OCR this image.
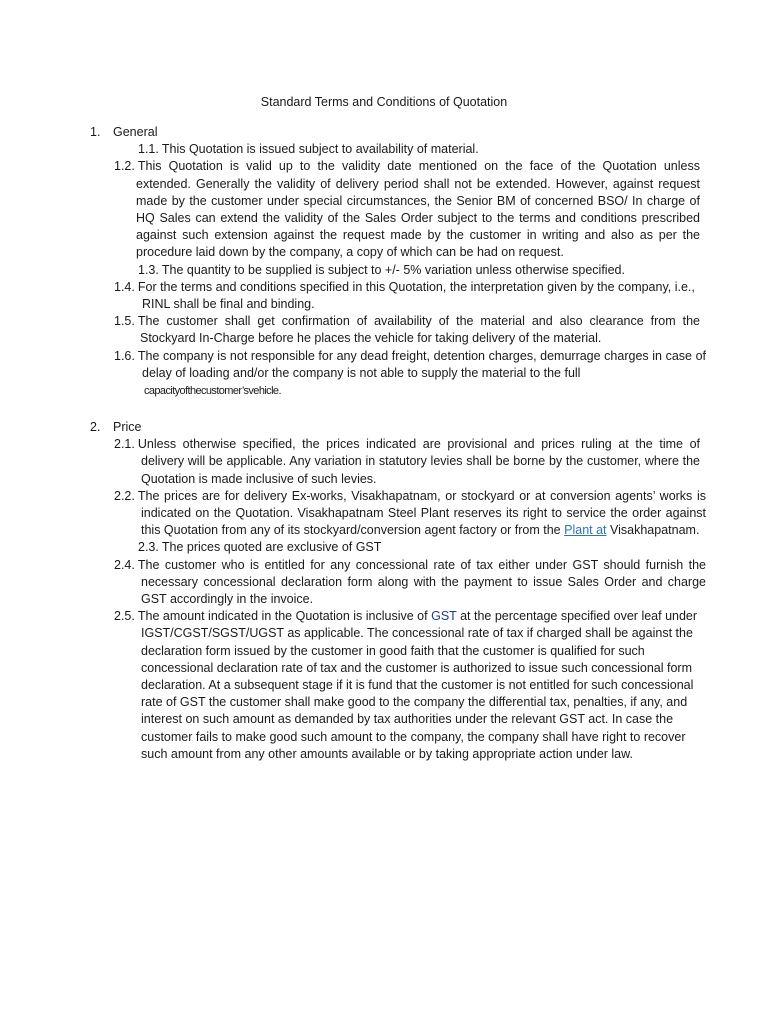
Standard Terms and Conditions of Quotation
1.	General
1.1. This Quotation is issued subject to availability of material.
1.2. This Quotation is valid up to the validity date mentioned on the face of the Quotation unless extended. Generally the validity of delivery period shall not be extended. However, against request made by the customer under special circumstances, the Senior BM of concerned BSO/ In charge of HQ Sales can extend the validity of the Sales Order subject to the terms and conditions prescribed against such extension against the request made by the customer in writing and also as per the procedure laid down by the company, a copy of which can be had on request.
1.3. The quantity to be supplied is subject to +/- 5% variation unless otherwise specified.
1.4. For the terms and conditions specified in this Quotation, the interpretation given by the company, i.e., RINL shall be final and binding.
1.5. The customer shall get confirmation of availability of the material and also clearance from the Stockyard In-Charge before he places the vehicle for taking delivery of the material.
1.6. The company is not responsible for any dead freight, detention charges, demurrage charges in case of delay of loading and/or the company is not able to supply the material to the full
capacityofthecustomer’svehicle.
2.	Price
2.1. Unless otherwise specified, the prices indicated are provisional and prices ruling at the time of delivery will be applicable. Any variation in statutory levies shall be borne by the customer, where the Quotation is made inclusive of such levies.
2.2. The prices are for delivery Ex-works, Visakhapatnam, or stockyard or at conversion agents’ works is indicated on the Quotation. Visakhapatnam Steel Plant reserves its right to service the order against this Quotation from any of its stockyard/conversion agent factory or from the Plant at Visakhapatnam.
2.3. The prices quoted are exclusive of GST
2.4. The customer who is entitled for any concessional rate of tax either under GST should furnish the necessary concessional declaration form along with the payment to issue Sales Order and charge GST accordingly in the invoice.
2.5. The amount indicated in the Quotation is inclusive of GST at the percentage specified over leaf under IGST/CGST/SGST/UGST as applicable. The concessional rate of tax if charged shall be against the declaration form issued by the customer in good faith that the customer is qualified for such concessional declaration rate of tax and the customer is authorized to issue such concessional form declaration. At a subsequent stage if it is fund that the customer is not entitled for such concessional rate of GST the customer shall make good to the company the differential tax, penalties, if any, and interest on such amount as demanded by tax authorities under the relevant GST act. In case the customer fails to make good such amount to the company, the company shall have right to recover such amount from any other amounts available or by taking appropriate action under law.
